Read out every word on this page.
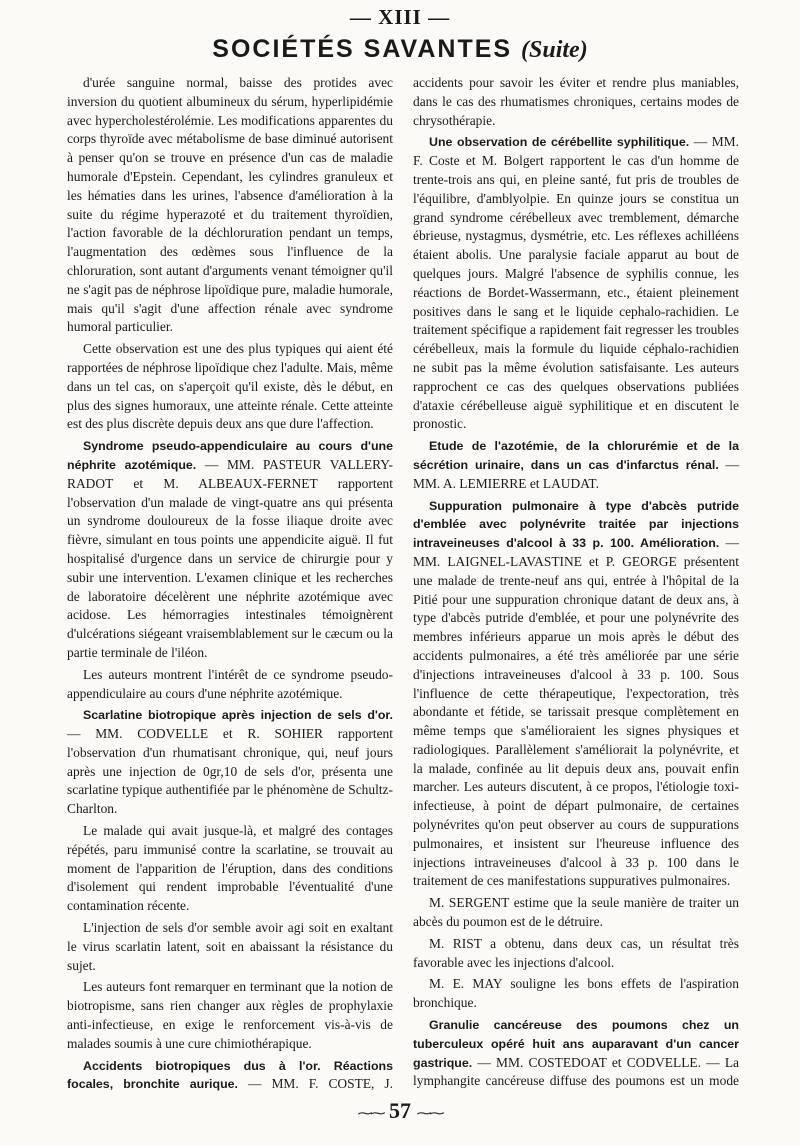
— XIII —
SOCIÉTÉS SAVANTES (Suite)

d'urée sanguine normal, baisse des protides avec inversion du quotient albumineux du sérum, hyperlipidémie avec hypercholestérolémie. Les modifications apparentes du corps thyroïde avec métabolisme de base diminué autorisent à penser qu'on se trouve en présence d'un cas de maladie humorale d'Epstein. Cependant, les cylindres granuleux et les hématies dans les urines, l'absence d'amélioration à la suite du régime hyperazoté et du traitement thyroïdien, l'action favorable de la déchloruration pendant un temps, l'augmentation des œdèmes sous l'influence de la chloruration, sont autant d'arguments venant témoigner qu'il ne s'agit pas de néphrose lipoïdique pure, maladie humorale, mais qu'il s'agit d'une affection rénale avec syndrome humoral particulier.

Cette observation est une des plus typiques qui aient été rapportées de néphrose lipoïdique chez l'adulte. Mais, même dans un tel cas, on s'aperçoit qu'il existe, dès le début, en plus des signes humoraux, une atteinte rénale. Cette atteinte est des plus discrète depuis deux ans que dure l'affection.

Syndrome pseudo-appendiculaire au cours d'une néphrite azotémique. — MM. PASTEUR VALLERY-RADOT et M. ALBEAUX-FERNET rapportent l'observation d'un malade de vingt-quatre ans qui présenta un syndrome douloureux de la fosse iliaque droite avec fièvre, simulant en tous points une appendicite aiguë. Il fut hospitalisé d'urgence dans un service de chirurgie pour y subir une intervention. L'examen clinique et les recherches de laboratoire décelèrent une néphrite azotémique avec acidose. Les hémorragies intestinales témoignèrent d'ulcérations siégeant vraisemblablement sur le cæcum ou la partie terminale de l'iléon.

Les auteurs montrent l'intérêt de ce syndrome pseudo-appendiculaire au cours d'une néphrite azotémique.

Scarlatine biotropique après injection de sels d'or. — MM. CODVELLE et R. SOHIER rapportent l'observation d'un rhumatisant chronique, qui, neuf jours après une injection de 0gr,10 de sels d'or, présenta une scarlatine typique authentifiée par le phénomène de Schultz-Charlton.

Le malade qui avait jusque-là, et malgré des contages répétés, paru immunisé contre la scarlatine, se trouvait au moment de l'apparition de l'éruption, dans des conditions d'isolement qui rendent improbable l'éventualité d'une contamination récente.

L'injection de sels d'or semble avoir agi soit en exaltant le virus scarlatin latent, soit en abaissant la résistance du sujet.

Les auteurs font remarquer en terminant que la notion de biotropisme, sans rien changer aux règles de prophylaxie anti-infectieuse, en exige le renforcement vis-à-vis de malades soumis à une cure chimiothérapique.

Accidents biotropiques dus à l'or. Réactions focales, bronchite aurique. — MM. F. COSTE, J.

accidents pour savoir les éviter et rendre plus maniables, dans le cas des rhumatismes chroniques, certains modes de chrysothérapie.

Une observation de cérébellite syphilitique. — MM. F. Coste et M. Bolgert rapportent le cas d'un homme de trente-trois ans qui, en pleine santé, fut pris de troubles de l'équilibre, d'amblyolpie. En quinze jours se constitua un grand syndrome cérébelleux avec tremblement, démarche ébrieuse, nystagmus, dysmétrie, etc. Les réflexes achilléens étaient abolis. Une paralysie faciale apparut au bout de quelques jours. Malgré l'absence de syphilis connue, les réactions de Bordet-Wassermann, etc., étaient pleinement positives dans le sang et le liquide cephalo-rachidien. Le traitement spécifique a rapidement fait regresser les troubles cérébelleux, mais la formule du liquide céphalo-rachidien ne subit pas la même évolution satisfaisante. Les auteurs rapprochent ce cas des quelques observations publiées d'ataxie cérébelleuse aiguë syphilitique et en discutent le pronostic.

Etude de l'azotémie, de la chlorurémie et de la sécrétion urinaire, dans un cas d'infarctus rénal. — MM. A. LEMIERRE et LAUDAT.

Suppuration pulmonaire à type d'abcès putride d'emblée avec polynévrite traitée par injections intraveineuses d'alcool à 33 p. 100. Amélioration. — MM. LAIGNEL-LAVASTINE et P. GEORGE présentent une malade de trente-neuf ans qui, entrée à l'hôpital de la Pitié pour une suppuration chronique datant de deux ans, à type d'abcès putride d'emblée, et pour une polynévrite des membres inférieurs apparue un mois après le début des accidents pulmonaires, a été très améliorée par une série d'injections intraveineuses d'alcool à 33 p. 100. Sous l'influence de cette thérapeutique, l'expectoration, très abondante et fétide, se tarissait presque complètement en même temps que s'amélioraient les signes physiques et radiologiques. Parallèlement s'améliorait la polynévrite, et la malade, confinée au lit depuis deux ans, pouvait enfin marcher. Les auteurs discutent, à ce propos, l'étiologie toxi-infectieuse, à point de départ pulmonaire, de certaines polynévrites qu'on peut observer au cours de suppurations pulmonaires, et insistent sur l'heureuse influence des injections intraveineuses d'alcool à 33 p. 100 dans le traitement de ces manifestations suppuratives pulmonaires.

M. SERGENT estime que la seule manière de traiter un abcès du poumon est de le détruire.

M. RIST a obtenu, dans deux cas, un résultat très favorable avec les injections d'alcool.

M. E. MAY souligne les bons effets de l'aspiration bronchique.

Granulie cancéreuse des poumons chez un tuberculeux opéré huit ans auparavant d'un cancer gastrique. — MM. COSTEDOAT et CODVELLE. — La lymphangite cancéreuse diffuse des poumons est un mode

⁓⁓ 57 ⁓⁓
